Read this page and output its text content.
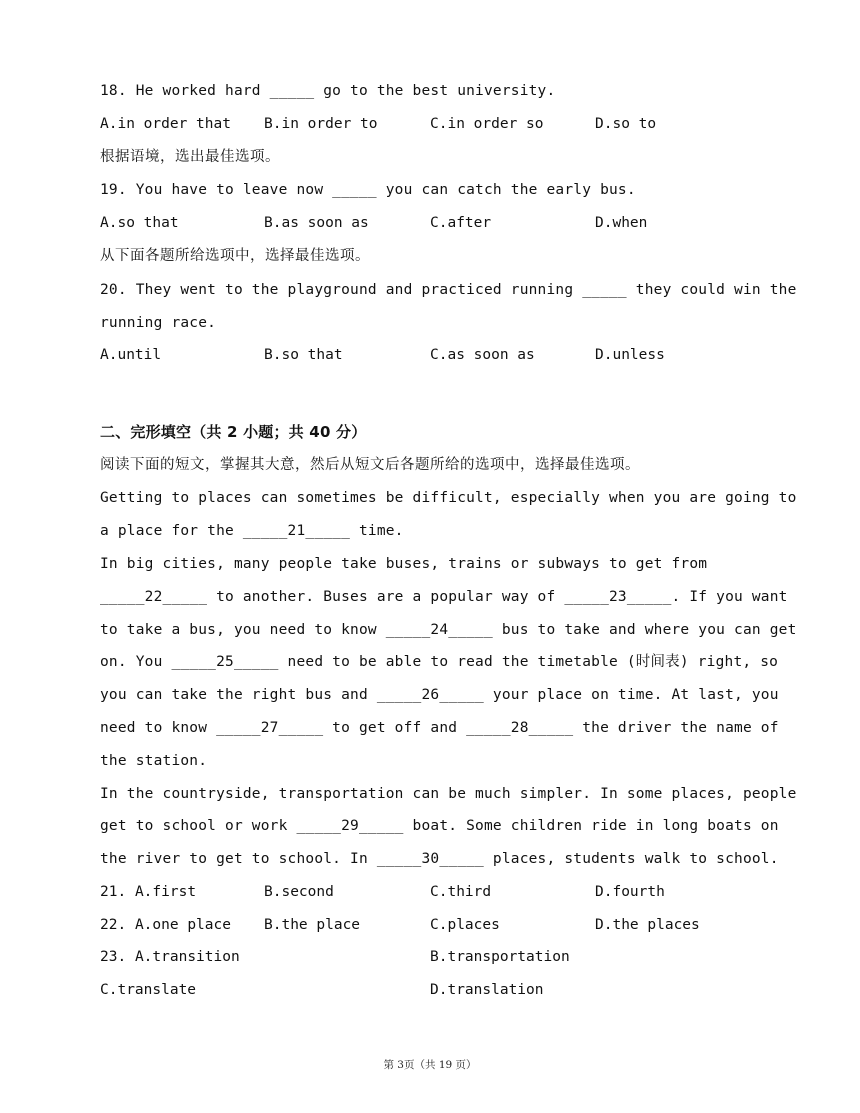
18. He worked hard _____ go to the best university.
A.in order that B.in order to	C.in order so	D.so to
根据语境，选出最佳选项。
19. You have to leave now _____ you can catch the early bus.
A.so that	B.as soon as	C.after	D.when
从下面各题所给选项中，选择最佳选项。
20. They went to the playground and practiced running _____ they could win the
running race.
A.until	B.so that	C.as soon as	D.unless
二、完形填空（共 2 小题；共 40 分）
阅读下面的短文，掌握其大意，然后从短文后各题所给的选项中，选择最佳选项。
Getting to places can sometimes be difficult, especially when you are going to
a place for the _____21_____ time.
In big cities, many people take buses, trains or subways to get from
_____22_____ to another. Buses are a popular way of _____23_____. If you want
to take a bus, you need to know _____24_____ bus to take and where you can get
on. You _____25_____ need to be able to read the timetable (时间表) right, so
you can take the right bus and _____26_____ your place on time. At last, you
need to know _____27_____ to get off and _____28_____ the driver the name of
the station.
In the countryside, transportation can be much simpler. In some places, people
get to school or work _____29_____ boat. Some children ride in long boats on
the river to get to school. In _____30_____ places, students walk to school.
21. A.first	B.second	C.third	D.fourth
22. A.one place B.the place	C.places	D.the places
23. A.transition	B.transportation
C.translate	D.translation
第 3页（共 19 页）
